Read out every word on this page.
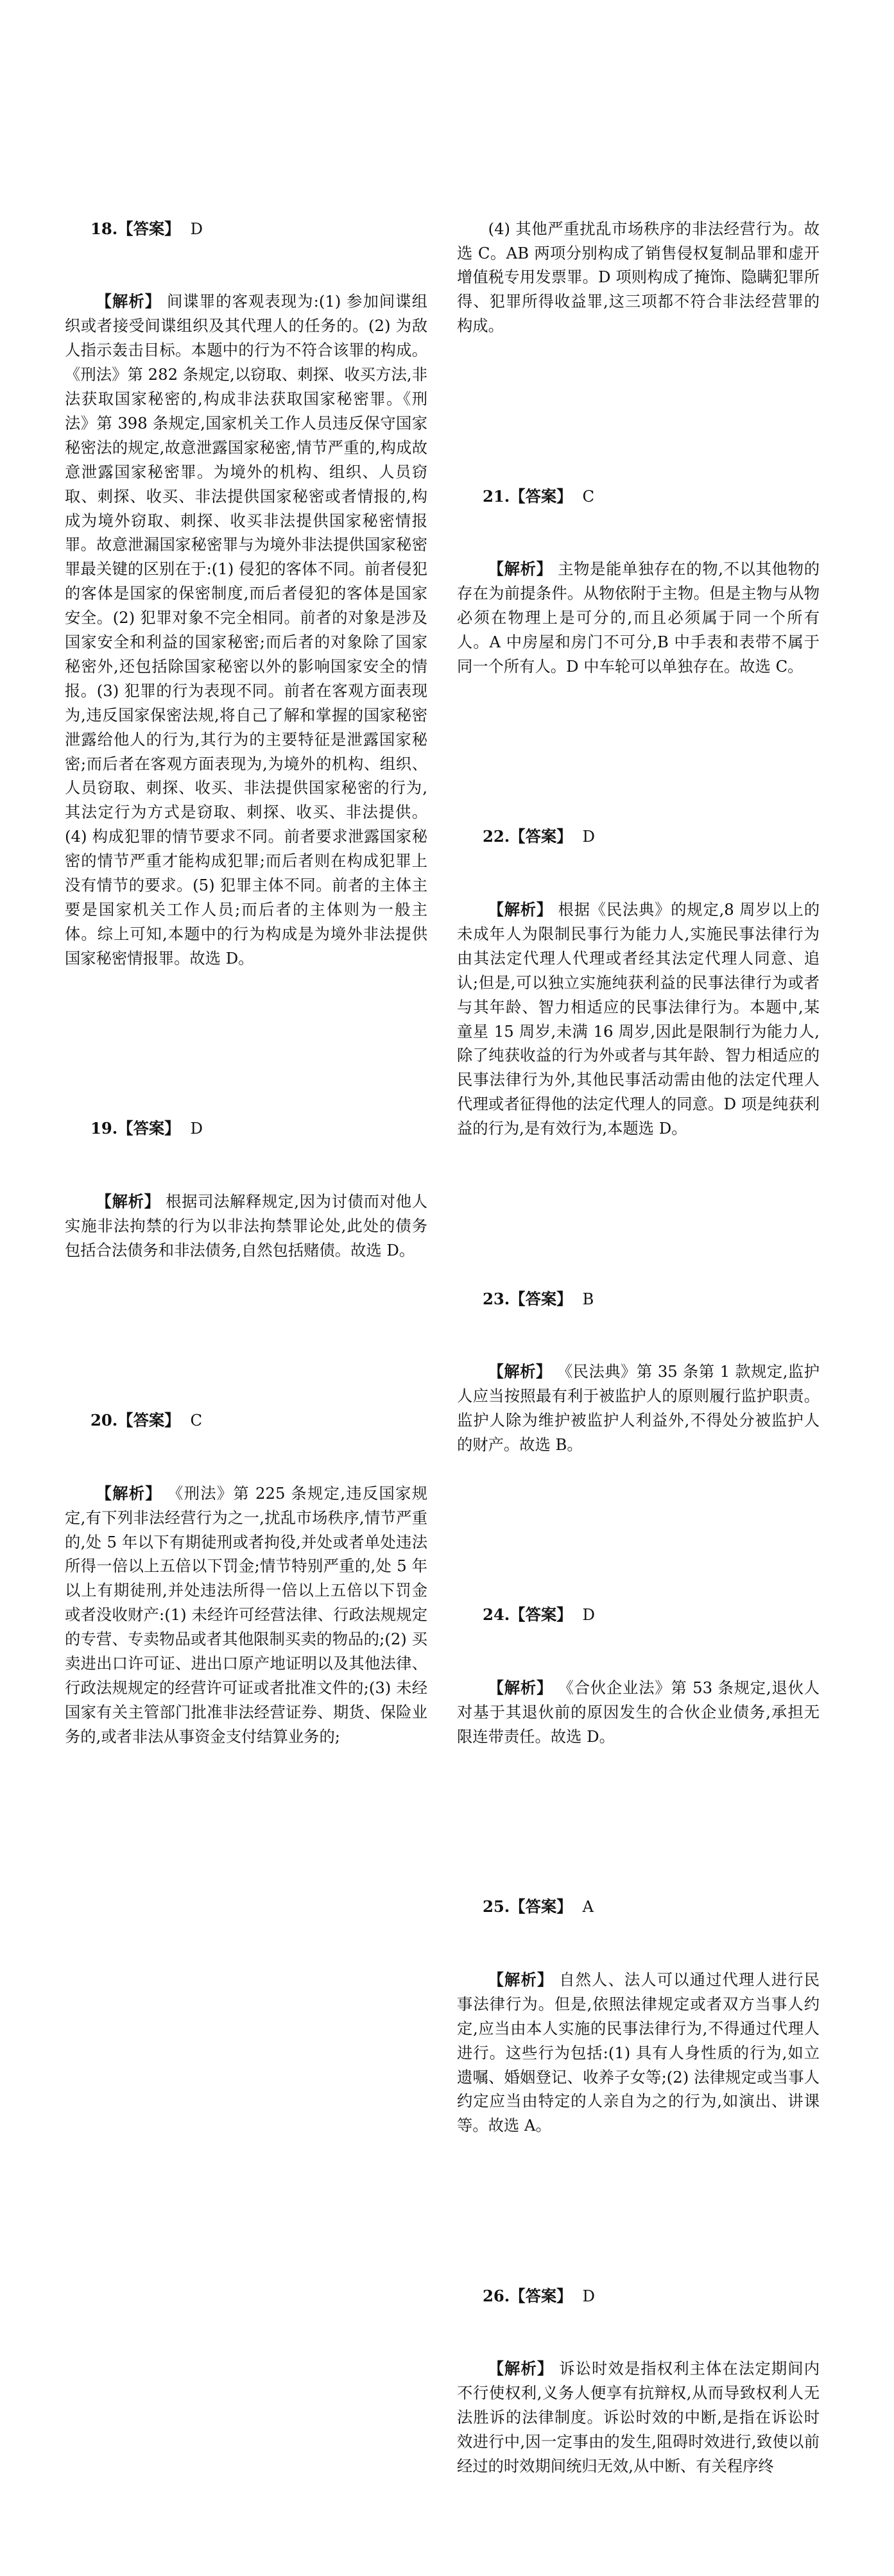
18.【答案】 D

【解析】 间谍罪的客观表现为:(1) 参加间谍组织或者接受间谍组织及其代理人的任务的。(2) 为敌人指示轰击目标。本题中的行为不符合该罪的构成。《刑法》第 282 条规定,以窃取、刺探、收买方法,非法获取国家秘密的,构成非法获取国家秘密罪。《刑法》第 398 条规定,国家机关工作人员违反保守国家秘密法的规定,故意泄露国家秘密,情节严重的,构成故意泄露国家秘密罪。为境外的机构、组织、人员窃取、刺探、收买、非法提供国家秘密或者情报的,构成为境外窃取、刺探、收买非法提供国家秘密情报罪。故意泄漏国家秘密罪与为境外非法提供国家秘密罪最关键的区别在于:(1) 侵犯的客体不同。前者侵犯的客体是国家的保密制度,而后者侵犯的客体是国家安全。(2) 犯罪对象不完全相同。前者的对象是涉及国家安全和利益的国家秘密;而后者的对象除了国家秘密外,还包括除国家秘密以外的影响国家安全的情报。(3) 犯罪的行为表现不同。前者在客观方面表现为,违反国家保密法规,将自己了解和掌握的国家秘密泄露给他人的行为,其行为的主要特征是泄露国家秘密;而后者在客观方面表现为,为境外的机构、组织、人员窃取、刺探、收买、非法提供国家秘密的行为,其法定行为方式是窃取、刺探、收买、非法提供。(4) 构成犯罪的情节要求不同。前者要求泄露国家秘密的情节严重才能构成犯罪;而后者则在构成犯罪上没有情节的要求。(5) 犯罪主体不同。前者的主体主要是国家机关工作人员;而后者的主体则为一般主体。综上可知,本题中的行为构成是为境外非法提供国家秘密情报罪。故选 D。

19.【答案】 D

【解析】 根据司法解释规定,因为讨债而对他人实施非法拘禁的行为以非法拘禁罪论处,此处的债务包括合法债务和非法债务,自然包括赌债。故选 D。

20.【答案】 C

【解析】 《刑法》第 225 条规定,违反国家规定,有下列非法经营行为之一,扰乱市场秩序,情节严重的,处 5 年以下有期徒刑或者拘役,并处或者单处违法所得一倍以上五倍以下罚金;情节特别严重的,处 5 年以上有期徒刑,并处违法所得一倍以上五倍以下罚金或者没收财产:(1) 未经许可经营法律、行政法规规定的专营、专卖物品或者其他限制买卖的物品的;(2) 买卖进出口许可证、进出口原产地证明以及其他法律、行政法规规定的经营许可证或者批准文件的;(3) 未经国家有关主管部门批准非法经营证券、期货、保险业务的,或者非法从事资金支付结算业务的;

(4) 其他严重扰乱市场秩序的非法经营行为。故选 C。AB 两项分别构成了销售侵权复制品罪和虚开增值税专用发票罪。D 项则构成了掩饰、隐瞒犯罪所得、犯罪所得收益罪,这三项都不符合非法经营罪的构成。

21.【答案】 C

【解析】 主物是能单独存在的物,不以其他物的存在为前提条件。从物依附于主物。但是主物与从物必须在物理上是可分的,而且必须属于同一个所有人。A 中房屋和房门不可分,B 中手表和表带不属于同一个所有人。D 中车轮可以单独存在。故选 C。

22.【答案】 D

【解析】 根据《民法典》的规定,8 周岁以上的未成年人为限制民事行为能力人,实施民事法律行为由其法定代理人代理或者经其法定代理人同意、追认;但是,可以独立实施纯获利益的民事法律行为或者与其年龄、智力相适应的民事法律行为。本题中,某童星 15 周岁,未满 16 周岁,因此是限制行为能力人,除了纯获收益的行为外或者与其年龄、智力相适应的民事法律行为外,其他民事活动需由他的法定代理人代理或者征得他的法定代理人的同意。D 项是纯获利益的行为,是有效行为,本题选 D。

23.【答案】 B

【解析】 《民法典》第 35 条第 1 款规定,监护人应当按照最有利于被监护人的原则履行监护职责。监护人除为维护被监护人利益外,不得处分被监护人的财产。故选 B。

24.【答案】 D

【解析】 《合伙企业法》第 53 条规定,退伙人对基于其退伙前的原因发生的合伙企业债务,承担无限连带责任。故选 D。

25.【答案】 A

【解析】 自然人、法人可以通过代理人进行民事法律行为。但是,依照法律规定或者双方当事人约定,应当由本人实施的民事法律行为,不得通过代理人进行。这些行为包括:(1) 具有人身性质的行为,如立遗嘱、婚姻登记、收养子女等;(2) 法律规定或当事人约定应当由特定的人亲自为之的行为,如演出、讲课等。故选 A。

26.【答案】 D

【解析】 诉讼时效是指权利主体在法定期间内不行使权利,义务人便享有抗辩权,从而导致权利人无法胜诉的法律制度。诉讼时效的中断,是指在诉讼时效进行中,因一定事由的发生,阻碍时效进行,致使以前经过的时效期间统归无效,从中断、有关程序终
